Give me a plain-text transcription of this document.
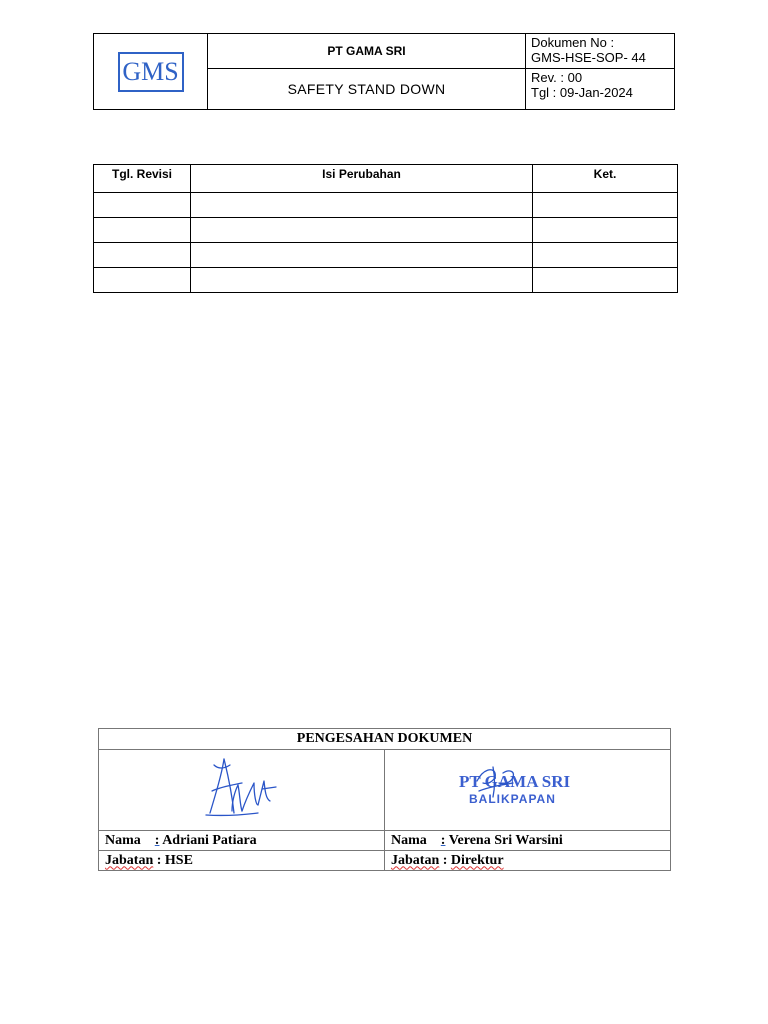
GMS	PT GAMA SRI	Dokumen No :
GMS-HSE-SOP- 44

	SAFETY STAND DOWN	Rev. : 00
Tgl : 09-Jan-2024
Tgl. Revisi	Isi Perubahan	Ket.

PENGESAHAN DOKUMEN	

PT GAMA SRI
BALIKPAPAN

Nama : Adriani Patiara	Nama : Verena Sri Warsini
Jabatan : HSE	Jabatan : Direktur
